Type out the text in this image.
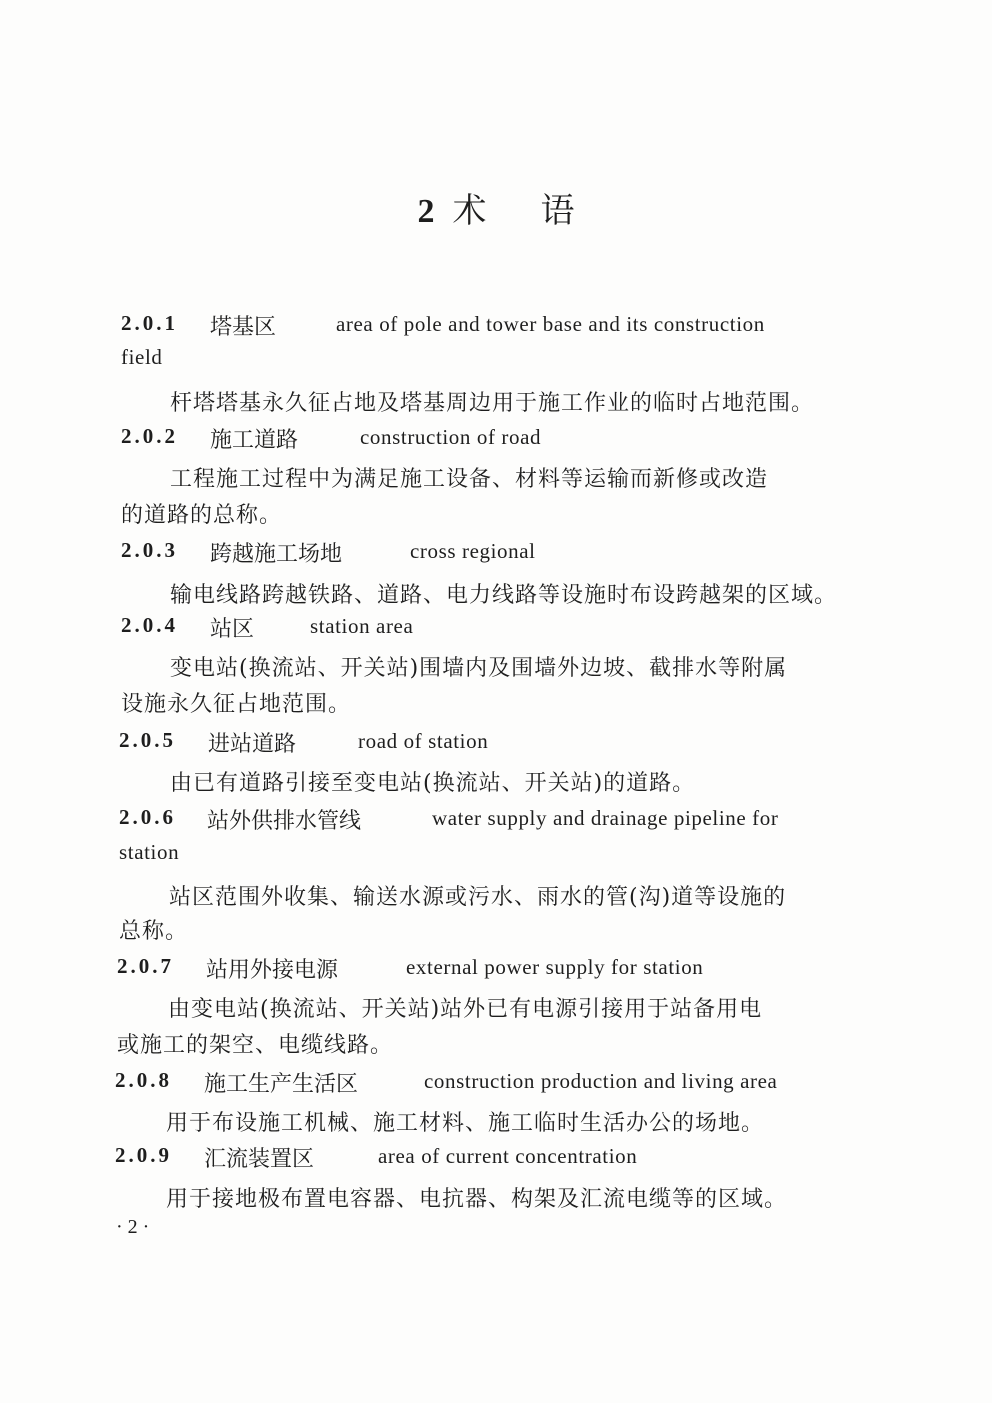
2 术 语
2.0.1 塔基区	area of pole and tower base and its construction
field
杆塔塔基永久征占地及塔基周边用于施工作业的临时占地范围。
2.0.2 施工道路	construction of road
工程施工过程中为满足施工设备、材料等运输而新修或改造
的道路的总称。
2.0.3 跨越施工场地	cross regional
输电线路跨越铁路、道路、电力线路等设施时布设跨越架的区域。
2.0.4 站区	station area
变电站(换流站、开关站)围墙内及围墙外边坡、截排水等附属
设施永久征占地范围。
2.0.5 进站道路	road of station
由已有道路引接至变电站(换流站、开关站)的道路。
2.0.6 站外供排水管线	water supply and drainage pipeline for
station
站区范围外收集、输送水源或污水、雨水的管(沟)道等设施的
总称。
2.0.7 站用外接电源	external power supply for station
由变电站(换流站、开关站)站外已有电源引接用于站备用电
或施工的架空、电缆线路。
2.0.8 施工生产生活区	construction production and living area
用于布设施工机械、施工材料、施工临时生活办公的场地。
2.0.9 汇流装置区	area of current concentration
用于接地极布置电容器、电抗器、构架及汇流电缆等的区域。
· 2 ·
